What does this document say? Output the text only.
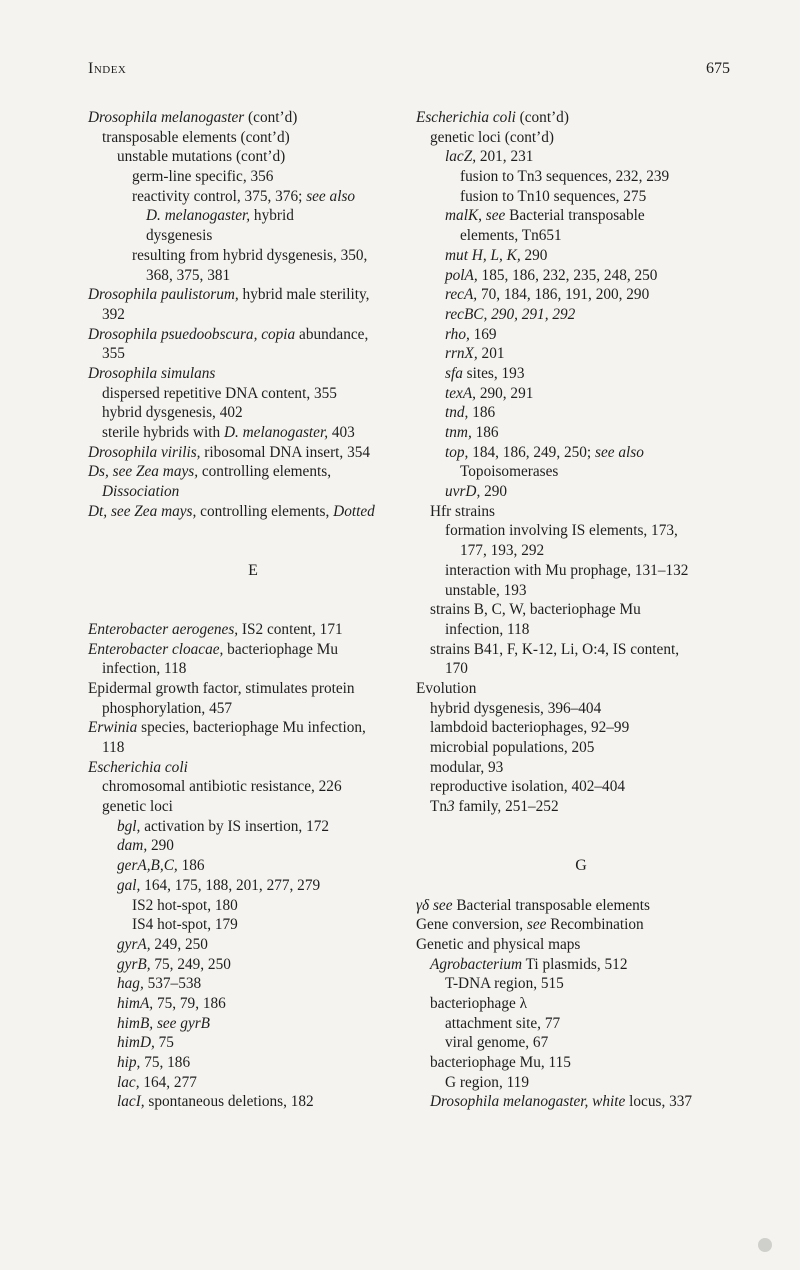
Index	675
Drosophila melanogaster (cont’d)
transposable elements (cont’d)
unstable mutations (cont’d)
germ-line specific, 356
reactivity control, 375, 376; see also
D. melanogaster, hybrid
dysgenesis
resulting from hybrid dysgenesis, 350,
368, 375, 381
Drosophila paulistorum, hybrid male sterility,
392
Drosophila psuedoobscura, copia abundance,
355
Drosophila simulans
dispersed repetitive DNA content, 355
hybrid dysgenesis, 402
sterile hybrids with D. melanogaster, 403
Drosophila virilis, ribosomal DNA insert, 354
Ds, see Zea mays, controlling elements,
Dissociation
Dt, see Zea mays, controlling elements, Dotted
E
Enterobacter aerogenes, IS2 content, 171
Enterobacter cloacae, bacteriophage Mu
infection, 118
Epidermal growth factor, stimulates protein
phosphorylation, 457
Erwinia species, bacteriophage Mu infection,
118
Escherichia coli
chromosomal antibiotic resistance, 226
genetic loci
bgl, activation by IS insertion, 172
dam, 290
gerA,B,C, 186
gal, 164, 175, 188, 201, 277, 279
IS2 hot-spot, 180
IS4 hot-spot, 179
gyrA, 249, 250
gyrB, 75, 249, 250
hag, 537–538
himA, 75, 79, 186
himB, see gyrB
himD, 75
hip, 75, 186
lac, 164, 277
lacI, spontaneous deletions, 182
Escherichia coli (cont’d)
genetic loci (cont’d)
lacZ, 201, 231
fusion to Tn3 sequences, 232, 239
fusion to Tn10 sequences, 275
malK, see Bacterial transposable
elements, Tn651
mut H, L, K, 290
polA, 185, 186, 232, 235, 248, 250
recA, 70, 184, 186, 191, 200, 290
recBC, 290, 291, 292
rho, 169
rrnX, 201
sfa sites, 193
texA, 290, 291
tnd, 186
tnm, 186
top, 184, 186, 249, 250; see also
Topoisomerases
uvrD, 290
Hfr strains
formation involving IS elements, 173,
177, 193, 292
interaction with Mu prophage, 131–132
unstable, 193
strains B, C, W, bacteriophage Mu
infection, 118
strains B41, F, K-12, Li, O:4, IS content,
170
Evolution
hybrid dysgenesis, 396–404
lambdoid bacteriophages, 92–99
microbial populations, 205
modular, 93
reproductive isolation, 402–404
Tn3 family, 251–252
G
γδ see Bacterial transposable elements
Gene conversion, see Recombination
Genetic and physical maps
Agrobacterium Ti plasmids, 512
T-DNA region, 515
bacteriophage λ
attachment site, 77
viral genome, 67
bacteriophage Mu, 115
G region, 119
Drosophila melanogaster, white locus, 337
